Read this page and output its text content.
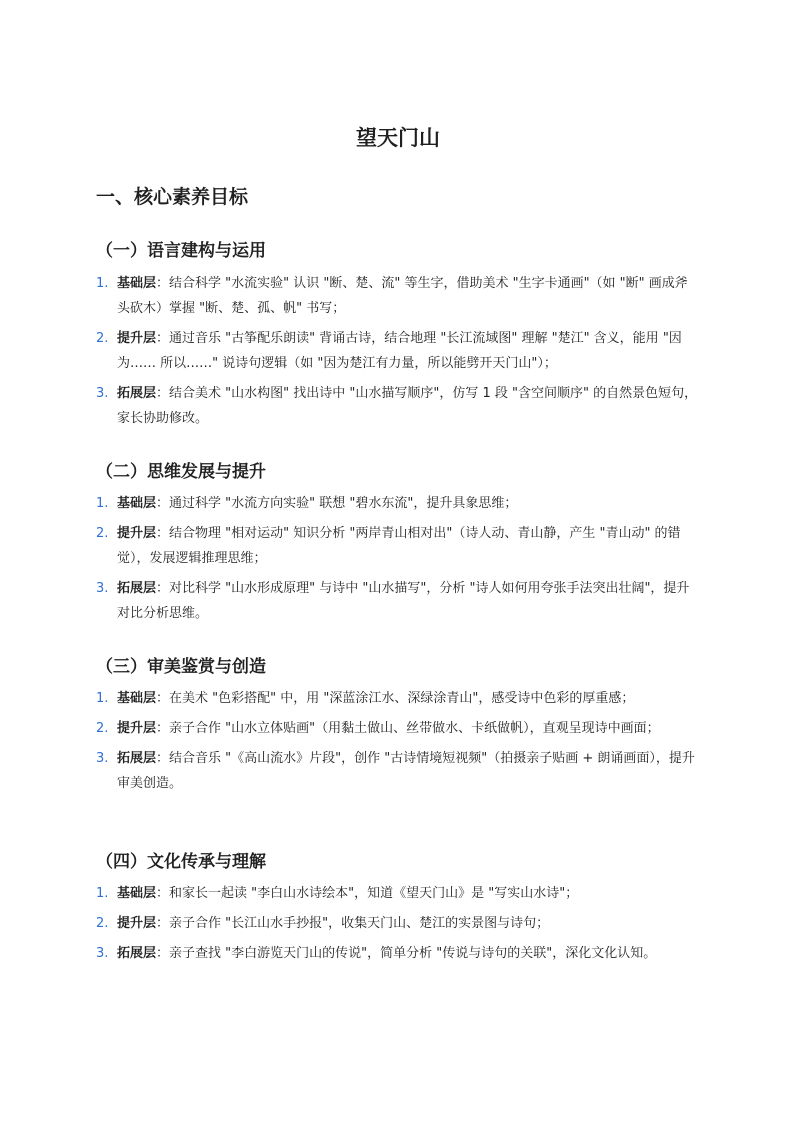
望天门山
一、核心素养目标
（一）语言建构与运用
1. 基础层：结合科学 "水流实验" 认识 "断、楚、流" 等生字，借助美术 "生字卡通画"（如 "断" 画成斧头砍木）掌握 "断、楚、孤、帆" 书写；
2. 提升层：通过音乐 "古筝配乐朗读" 背诵古诗，结合地理 "长江流域图" 理解 "楚江" 含义，能用 "因为…… 所以……" 说诗句逻辑（如 "因为楚江有力量，所以能劈开天门山"）；
3. 拓展层：结合美术 "山水构图" 找出诗中 "山水描写顺序"，仿写 1 段 "含空间顺序" 的自然景色短句，家长协助修改。
（二）思维发展与提升
1. 基础层：通过科学 "水流方向实验" 联想 "碧水东流"，提升具象思维；
2. 提升层：结合物理 "相对运动" 知识分析 "两岸青山相对出"（诗人动、青山静，产生 "青山动" 的错觉），发展逻辑推理思维；
3. 拓展层：对比科学 "山水形成原理" 与诗中 "山水描写"，分析 "诗人如何用夸张手法突出壮阔"，提升对比分析思维。
（三）审美鉴赏与创造
1. 基础层：在美术 "色彩搭配" 中，用 "深蓝涂江水、深绿涂青山"，感受诗中色彩的厚重感；
2. 提升层：亲子合作 "山水立体贴画"（用黏土做山、丝带做水、卡纸做帆），直观呈现诗中画面；
3. 拓展层：结合音乐 "《高山流水》片段"，创作 "古诗情境短视频"（拍摄亲子贴画 + 朗诵画面），提升审美创造。
（四）文化传承与理解
1. 基础层：和家长一起读 "李白山水诗绘本"，知道《望天门山》是 "写实山水诗"；
2. 提升层：亲子合作 "长江山水手抄报"，收集天门山、楚江的实景图与诗句；
3. 拓展层：亲子查找 "李白游览天门山的传说"，简单分析 "传说与诗句的关联"，深化文化认知。
